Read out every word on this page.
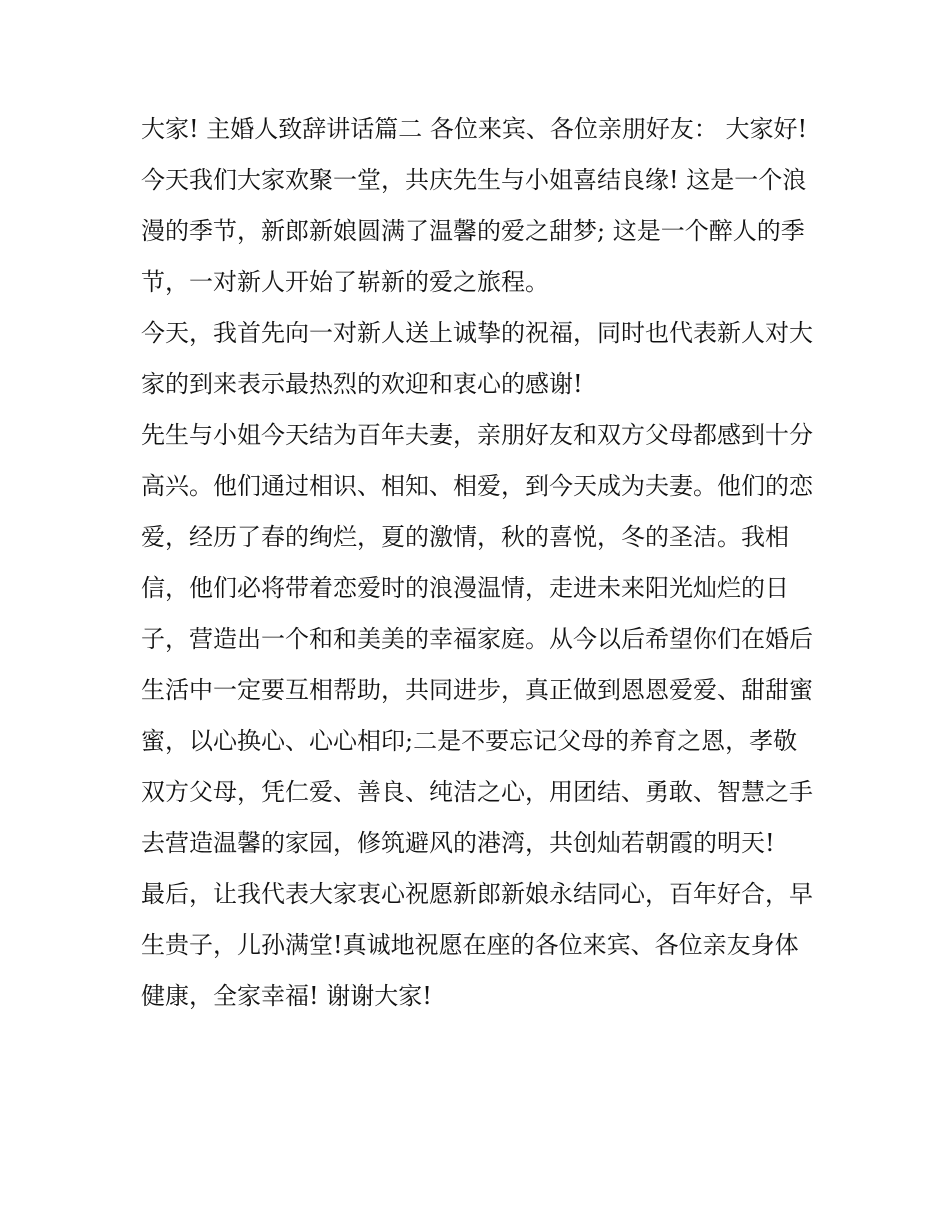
大家! 主婚人致辞讲话篇二 各位来宾、各位亲朋好友： 大家好!

今天我们大家欢聚一堂，共庆先生与小姐喜结良缘! 这是一个浪漫的季节，新郎新娘圆满了温馨的爱之甜梦; 这是一个醉人的季节，一对新人开始了崭新的爱之旅程。

今天，我首先向一对新人送上诚挚的祝福，同时也代表新人对大家的到来表示最热烈的欢迎和衷心的感谢!

先生与小姐今天结为百年夫妻，亲朋好友和双方父母都感到十分高兴。他们通过相识、相知、相爱，到今天成为夫妻。他们的恋爱，经历了春的绚烂，夏的激情，秋的喜悦，冬的圣洁。我相信，他们必将带着恋爱时的浪漫温情，走进未来阳光灿烂的日子，营造出一个和和美美的幸福家庭。从今以后希望你们在婚后生活中一定要互相帮助，共同进步，真正做到恩恩爱爱、甜甜蜜蜜，以心换心、心心相印;二是不要忘记父母的养育之恩，孝敬双方父母，凭仁爱、善良、纯洁之心，用团结、勇敢、智慧之手去营造温馨的家园，修筑避风的港湾，共创灿若朝霞的明天!

最后，让我代表大家衷心祝愿新郎新娘永结同心，百年好合，早生贵子，儿孙满堂!真诚地祝愿在座的各位来宾、各位亲友身体健康，全家幸福! 谢谢大家!
